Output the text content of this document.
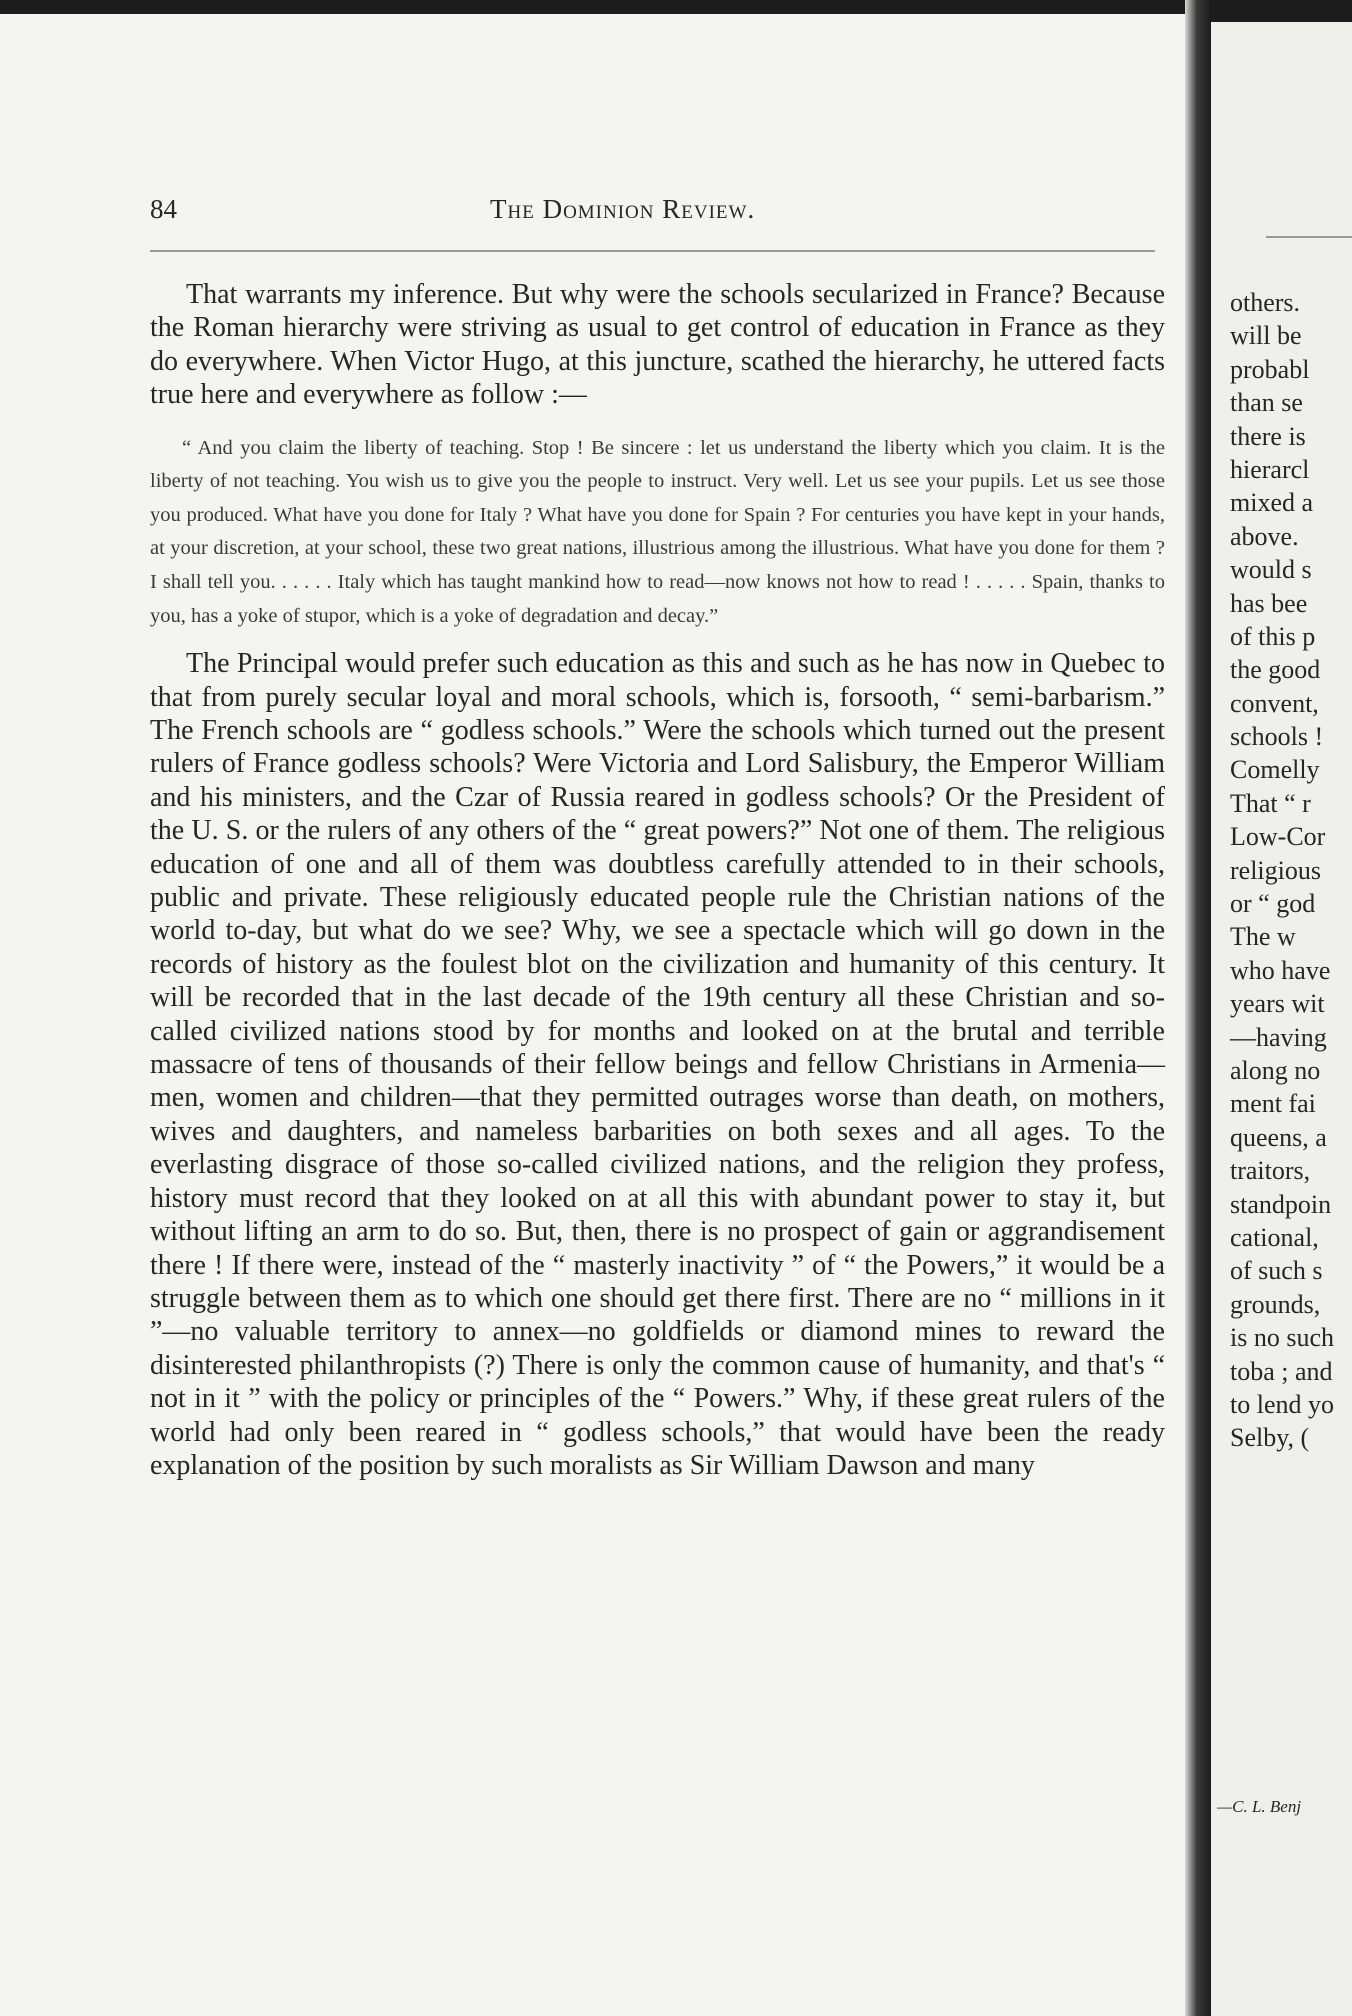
84	The Dominion Review.

That warrants my inference. But why were the schools secularized in France? Because the Roman hierarchy were striving as usual to get control of education in France as they do everywhere. When Victor Hugo, at this juncture, scathed the hierarchy, he uttered facts true here and everywhere as follow :—

“ And you claim the liberty of teaching. Stop ! Be sincere : let us understand the liberty which you claim. It is the liberty of not teaching. You wish us to give you the people to instruct. Very well. Let us see your pupils. Let us see those you produced. What have you done for Italy ? What have you done for Spain ? For centuries you have kept in your hands, at your discretion, at your school, these two great nations, illustrious among the illustrious. What have you done for them ? I shall tell you. . . . . . Italy which has taught mankind how to read—now knows not how to read ! . . . . . Spain, thanks to you, has a yoke of stupor, which is a yoke of degradation and decay.”

The Principal would prefer such education as this and such as he has now in Quebec to that from purely secular loyal and moral schools, which is, forsooth, “ semi-barbarism.” The French schools are “ godless schools.” Were the schools which turned out the present rulers of France godless schools? Were Victoria and Lord Salisbury, the Emperor William and his ministers, and the Czar of Russia reared in godless schools? Or the President of the U. S. or the rulers of any others of the “ great powers?” Not one of them. The religious education of one and all of them was doubtless carefully attended to in their schools, public and private. These religiously educated people rule the Christian nations of the world to-day, but what do we see? Why, we see a spectacle which will go down in the records of history as the foulest blot on the civilization and humanity of this century. It will be recorded that in the last decade of the 19th century all these Christian and so-called civilized nations stood by for months and looked on at the brutal and terrible massacre of tens of thousands of their fellow beings and fellow Christians in Armenia—men, women and children—that they permitted outrages worse than death, on mothers, wives and daughters, and nameless barbarities on both sexes and all ages. To the everlasting disgrace of those so-called civilized nations, and the religion they profess, history must record that they looked on at all this with abundant power to stay it, but without lifting an arm to do so. But, then, there is no prospect of gain or aggrandisement there ! If there were, instead of the “ masterly inactivity ” of “ the Powers,” it would be a struggle between them as to which one should get there first. There are no “ millions in it ”—no valuable territory to annex—no goldfields or diamond mines to reward the disinterested philanthropists (?) There is only the common cause of humanity, and that's “ not in it ” with the policy or principles of the “ Powers.” Why, if these great rulers of the world had only been reared in “ godless schools,” that would have been the ready explanation of the position by such moralists as Sir William Dawson and many

others.
will be
probabl
than se
there is
hierarcl
mixed a
above.
would s
has bee
of this p
the good
convent,
schools !
Comelly
That “ r
Low-Cor
religious
or “ god
The w
who have
years wit
—having
along no
ment fai
queens, a
traitors,
standpoin
cational,
of such s
grounds,
is no such
toba ; and
to lend yo
Selby, (
—C. L. Benj
